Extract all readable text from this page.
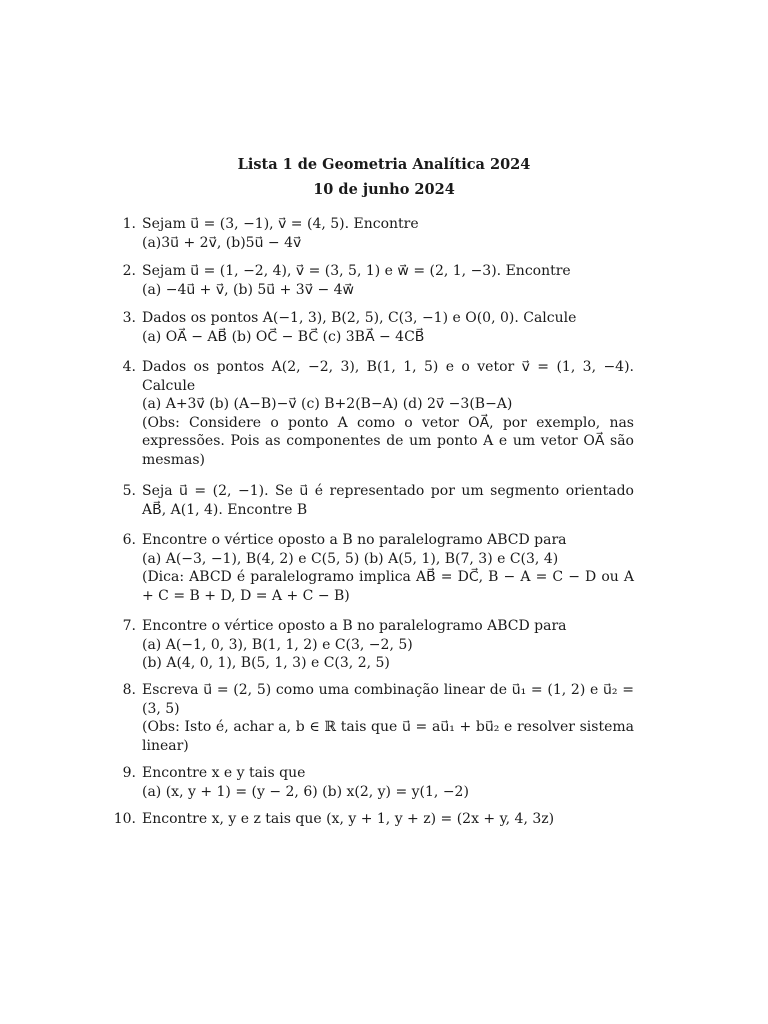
Lista 1 de Geometria Analítica 2024
10 de junho 2024
1. Sejam u⃗ = (3, −1), v⃗ = (4, 5). Encontre
(a)3u⃗ + 2v⃗, (b)5u⃗ − 4v⃗
2. Sejam u⃗ = (1, −2, 4), v⃗ = (3, 5, 1) e w⃗ = (2, 1, −3). Encontre
(a) −4u⃗ + v⃗, (b) 5u⃗ + 3v⃗ − 4w⃗
3. Dados os pontos A(−1, 3), B(2, 5), C(3, −1) e O(0, 0). Calcule
(a) OA⃗ − AB⃗ (b) OC⃗ − BC⃗ (c) 3BA⃗ − 4CB⃗
4. Dados os pontos A(2, −2, 3), B(1, 1, 5) e o vetor v⃗ = (1, 3, −4). Calcule
(a) A+3v⃗ (b) (A−B)−v⃗ (c) B+2(B−A) (d) 2v⃗ −3(B−A)
(Obs: Considere o ponto A como o vetor OA⃗, por exemplo, nas expressões. Pois as componentes de um ponto A e um vetor OA⃗ são mesmas)
5. Seja u⃗ = (2, −1). Se u⃗ é representado por um segmento orientado AB⃗, A(1, 4). Encontre B
6. Encontre o vértice oposto a B no paralelogramo ABCD para
(a) A(−3, −1), B(4, 2) e C(5, 5) (b) A(5, 1), B(7, 3) e C(3, 4)
(Dica: ABCD é paralelogramo implica AB⃗ = DC⃗, B − A = C − D ou A + C = B + D, D = A + C − B)
7. Encontre o vértice oposto a B no paralelogramo ABCD para
(a) A(−1, 0, 3), B(1, 1, 2) e C(3, −2, 5)
(b) A(4, 0, 1), B(5, 1, 3) e C(3, 2, 5)
8. Escreva u⃗ = (2, 5) como uma combinação linear de u⃗₁ = (1, 2) e u⃗₂ = (3, 5)
(Obs: Isto é, achar a, b ∈ ℝ tais que u⃗ = au⃗₁ + bu⃗₂ e resolver sistema linear)
9. Encontre x e y tais que
(a) (x, y + 1) = (y − 2, 6) (b) x(2, y) = y(1, −2)
10. Encontre x, y e z tais que (x, y + 1, y + z) = (2x + y, 4, 3z)
